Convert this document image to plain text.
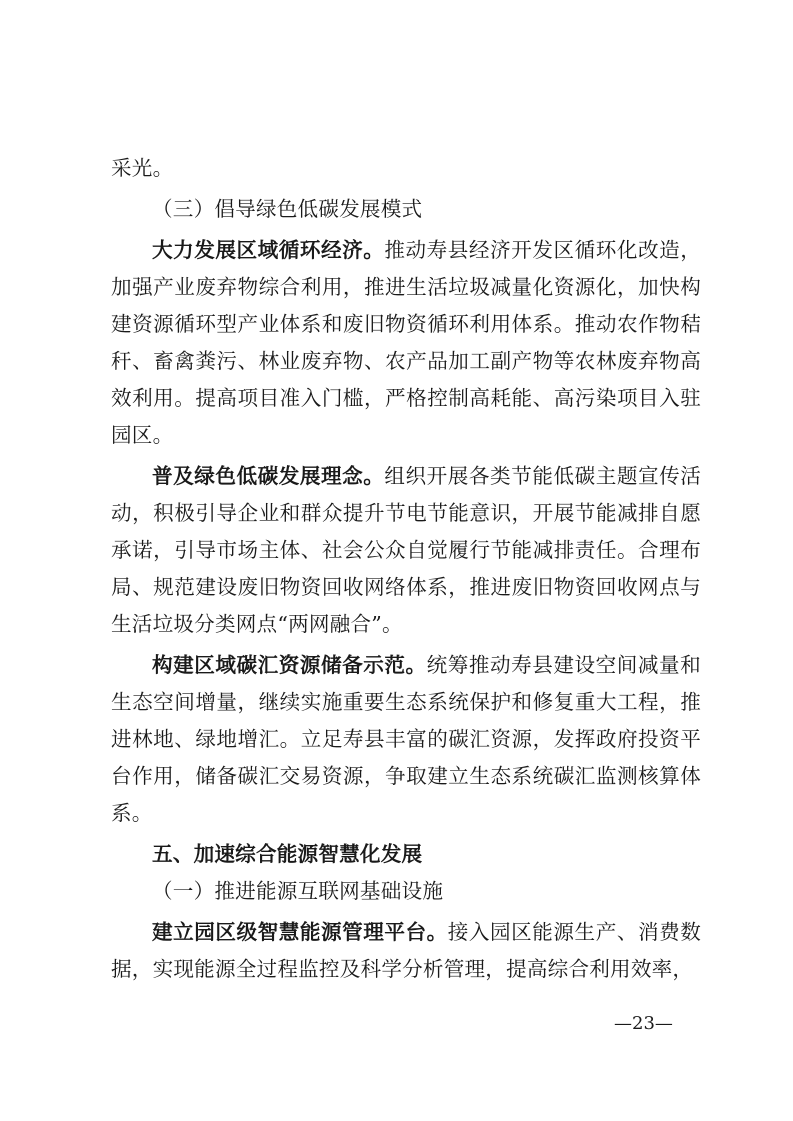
采光。

（三）倡导绿色低碳发展模式

大力发展区域循环经济。推动寿县经济开发区循环化改造，加强产业废弃物综合利用，推进生活垃圾减量化资源化，加快构建资源循环型产业体系和废旧物资循环利用体系。推动农作物秸秆、畜禽粪污、林业废弃物、农产品加工副产物等农林废弃物高效利用。提高项目准入门槛，严格控制高耗能、高污染项目入驻园区。

普及绿色低碳发展理念。组织开展各类节能低碳主题宣传活动，积极引导企业和群众提升节电节能意识，开展节能减排自愿承诺，引导市场主体、社会公众自觉履行节能减排责任。合理布局、规范建设废旧物资回收网络体系，推进废旧物资回收网点与生活垃圾分类网点“两网融合”。

构建区域碳汇资源储备示范。统筹推动寿县建设空间减量和生态空间增量，继续实施重要生态系统保护和修复重大工程，推进林地、绿地增汇。立足寿县丰富的碳汇资源，发挥政府投资平台作用，储备碳汇交易资源，争取建立生态系统碳汇监测核算体系。

五、加速综合能源智慧化发展

（一）推进能源互联网基础设施

建立园区级智慧能源管理平台。接入园区能源生产、消费数据，实现能源全过程监控及科学分析管理，提高综合利用效率，

—23—
